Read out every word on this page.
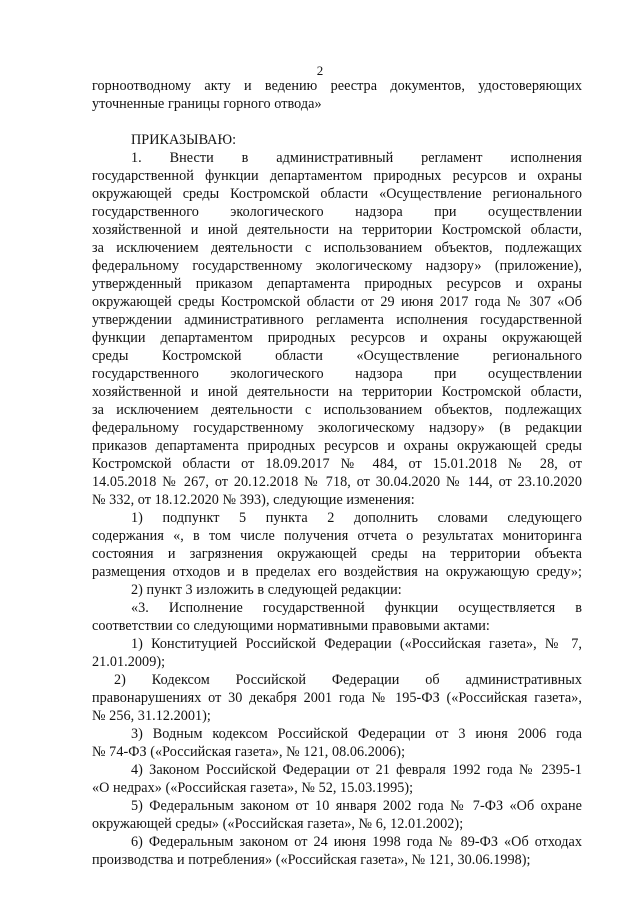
2
горноотводному акту и ведению реестра документов, удостоверяющих
уточненные границы горного отвода»
ПРИКАЗЫВАЮ:
1. Внести в административный регламент исполнения
государственной функции департаментом природных ресурсов и охраны
окружающей среды Костромской области «Осуществление регионального
государственного экологического надзора при осуществлении
хозяйственной и иной деятельности на территории Костромской области,
за исключением деятельности с использованием объектов, подлежащих
федеральному государственному экологическому надзору» (приложение),
утвержденный приказом департамента природных ресурсов и охраны
окружающей среды Костромской области от 29 июня 2017 года № 307 «Об
утверждении административного регламента исполнения государственной
функции департаментом природных ресурсов и охраны окружающей
среды Костромской области «Осуществление регионального
государственного экологического надзора при осуществлении
хозяйственной и иной деятельности на территории Костромской области,
за исключением деятельности с использованием объектов, подлежащих
федеральному государственному экологическому надзору» (в редакции
приказов департамента природных ресурсов и охраны окружающей среды
Костромской области от 18.09.2017 № 484, от 15.01.2018 № 28, от
14.05.2018 № 267, от 20.12.2018 № 718, от 30.04.2020 № 144, от 23.10.2020
№ 332, от 18.12.2020 № 393), следующие изменения:
1) подпункт 5 пункта 2 дополнить словами следующего
содержания «, в том числе получения отчета о результатах мониторинга
состояния и загрязнения окружающей среды на территории объекта
размещения отходов и в пределах его воздействия на окружающую среду»;
2) пункт 3 изложить в следующей редакции:
«3. Исполнение государственной функции осуществляется в
соответствии со следующими нормативными правовыми актами:
1) Конституцией Российской Федерации («Российская газета», № 7,
21.01.2009);
2) Кодексом Российской Федерации об административных
правонарушениях от 30 декабря 2001 года № 195-ФЗ («Российская газета»,
№ 256, 31.12.2001);
3) Водным кодексом Российской Федерации от 3 июня 2006 года
№ 74-ФЗ («Российская газета», № 121, 08.06.2006);
4) Законом Российской Федерации от 21 февраля 1992 года № 2395-1
«О недрах» («Российская газета», № 52, 15.03.1995);
5) Федеральным законом от 10 января 2002 года № 7-ФЗ «Об охране
окружающей среды» («Российская газета», № 6, 12.01.2002);
6) Федеральным законом от 24 июня 1998 года № 89-ФЗ «Об отходах
производства и потребления» («Российская газета», № 121, 30.06.1998);
